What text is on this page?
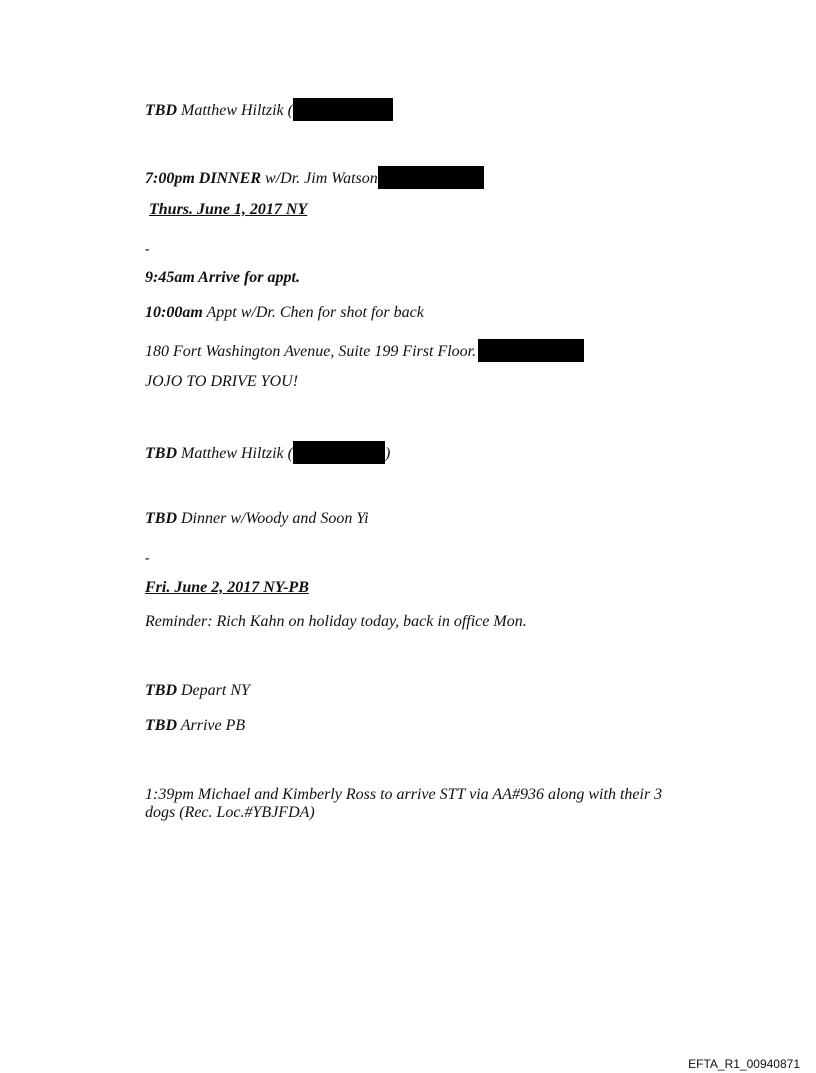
TBD Matthew Hiltzik (
7:00pm DINNER w/Dr. Jim Watson
Thurs. June 1, 2017 NY
-
9:45am Arrive for appt.
10:00am Appt w/Dr. Chen for shot for back
180 Fort Washington Avenue, Suite 199 First Floor.
JOJO TO DRIVE YOU!
TBD Matthew Hiltzik (	)
TBD Dinner w/Woody and Soon Yi
-
Fri. June 2, 2017 NY-PB
Reminder: Rich Kahn on holiday today, back in office Mon.
TBD Depart NY
TBD Arrive PB
1:39pm Michael and Kimberly Ross to arrive STT via AA#936 along with their 3 dogs (Rec. Loc.#YBJFDA)
EFTA_R1_00940871
